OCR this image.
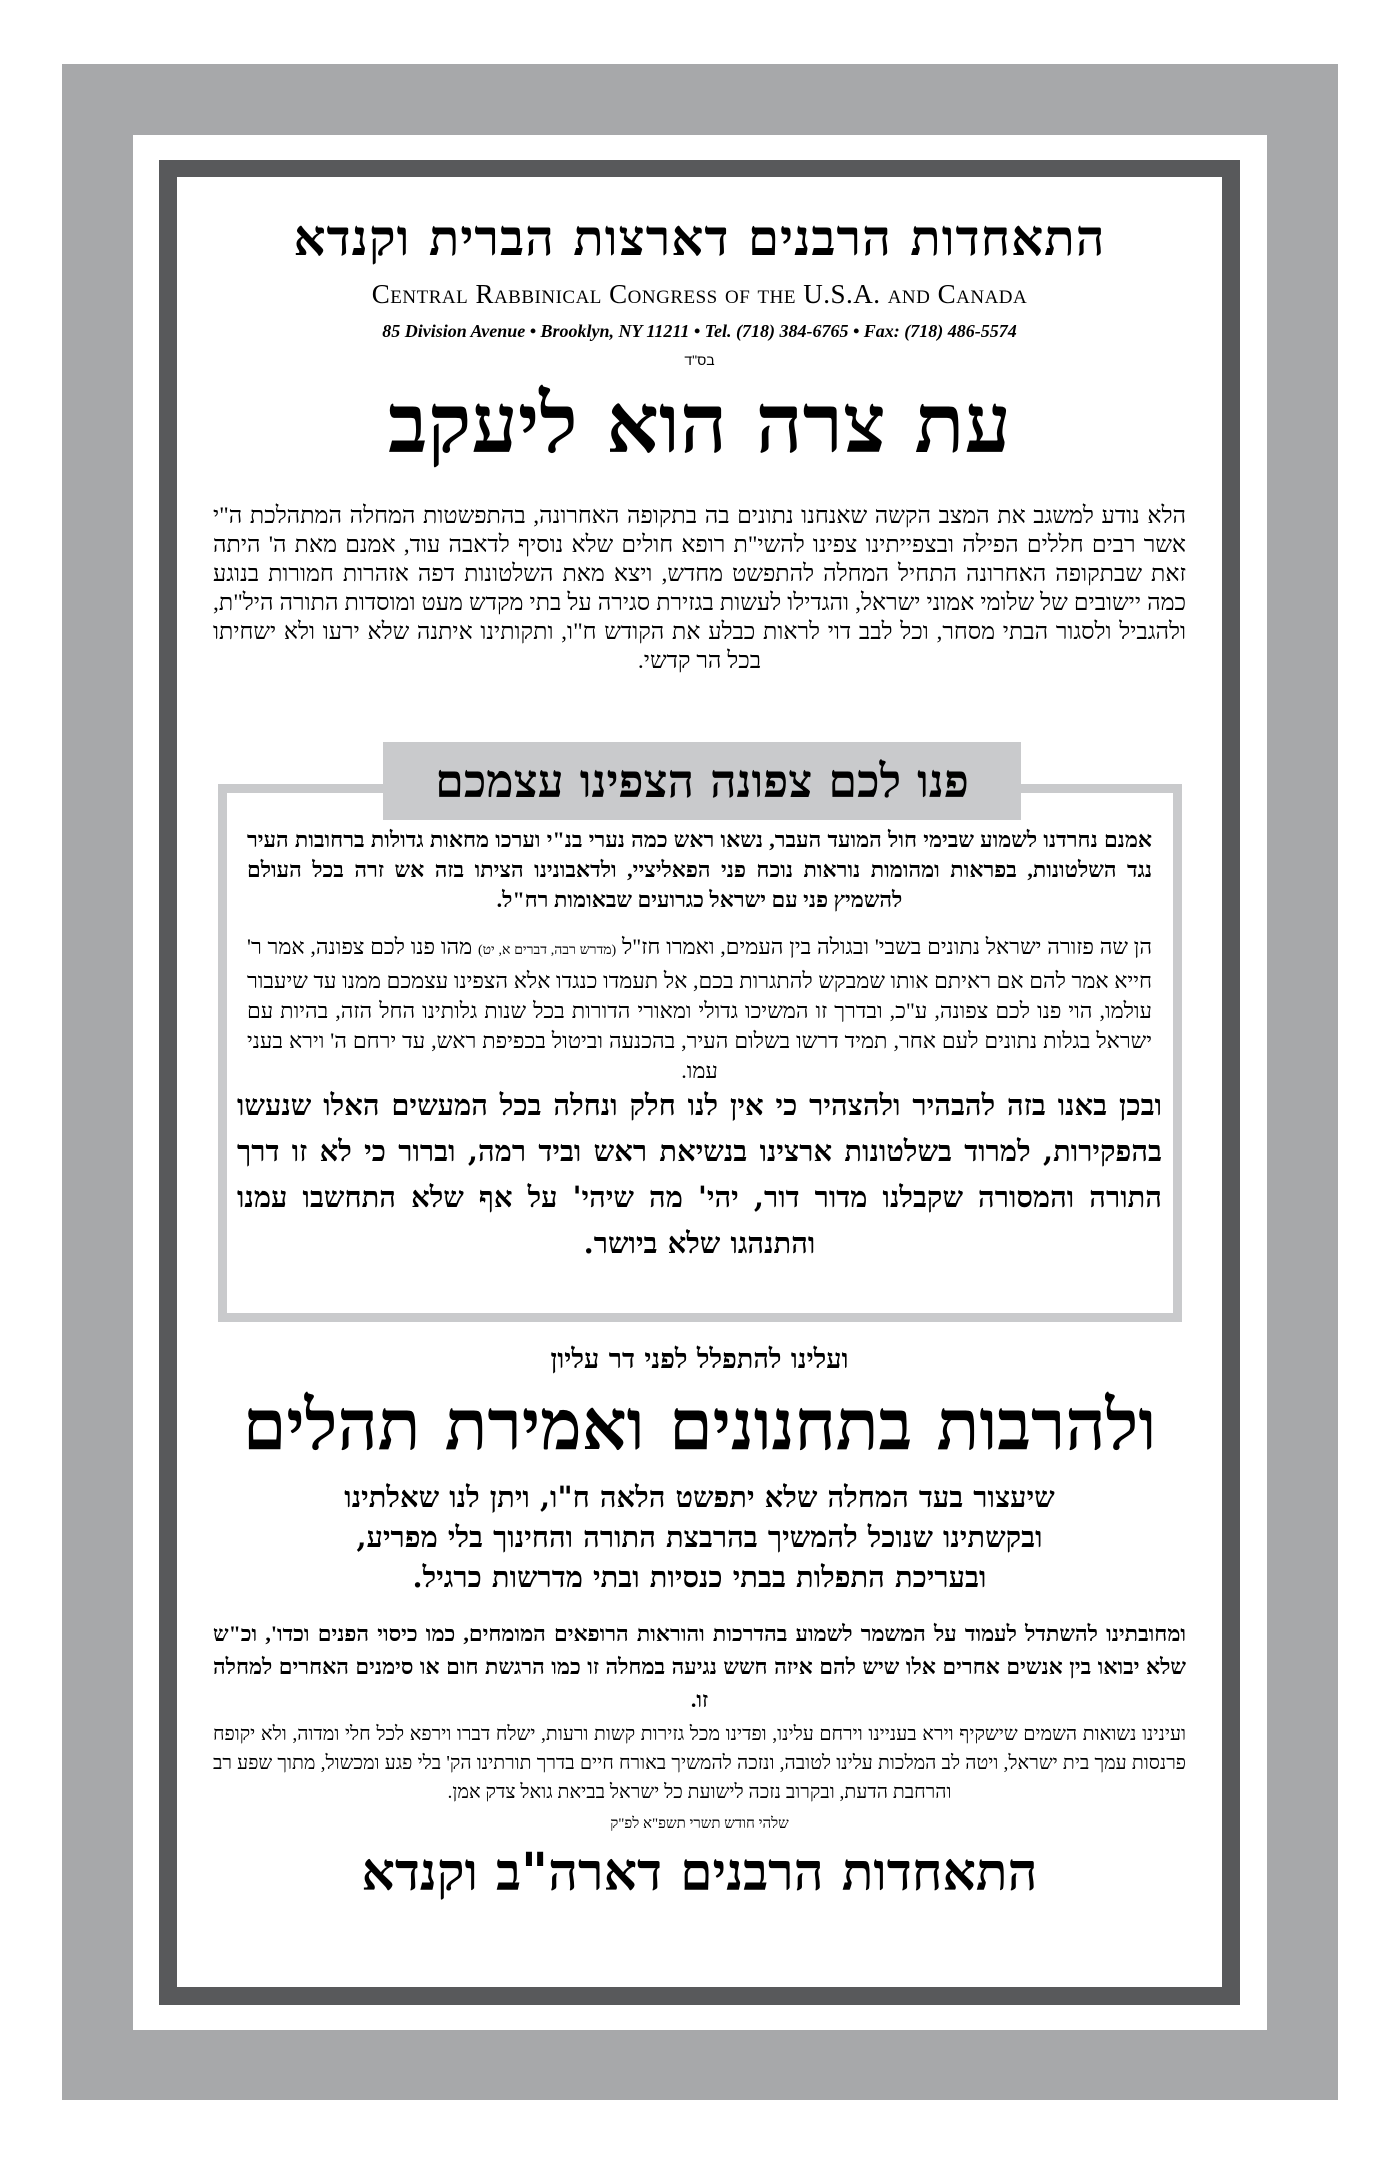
התאחדות הרבנים דארצות הברית וקנדא
Central Rabbinical Congress of the U.S.A. and Canada
85 Division Avenue • Brooklyn, NY 11211 • Tel. (718) 384-6765 • Fax: (718) 486-5574
בס"ד
עת צרה הוא ליעקב
הלא נודע למשגב את המצב הקשה שאנחנו נתונים בה בתקופה האחרונה, בהתפשטות המחלה המתהלכת ה"י אשר רבים חללים הפילה ובצפייתינו צפינו להשי"ת רופא חולים שלא נוסיף לדאבה עוד, אמנם מאת ה' היתה זאת שבתקופה האחרונה התחיל המחלה להתפשט מחדש, ויצא מאת השלטונות דפה אזהרות חמורות בנוגע כמה יישובים של שלומי אמוני ישראל, והגדילו לעשות בגזירת סגירה על בתי מקדש מעט ומוסדות התורה היל"ת, ולהגביל ולסגור הבתי מסחר, וכל לבב דוי לראות כבלע את הקודש ח"ו, ותקותינו איתנה שלא ירעו ולא ישחיתו בכל הר קדשי.
פנו לכם צפונה הצפינו עצמכם
אמנם נחרדנו לשמוע שבימי חול המועד העבר, נשאו ראש כמה נערי בנ"י וערכו מחאות גדולות ברחובות העיר נגד השלטונות, בפראות ומהומות נוראות נוכח פני הפאליציי, ולדאבונינו הציתו בזה אש זרה בכל העולם להשמיץ פני עם ישראל כגרועים שבאומות רח"ל.
הן שה פזורה ישראל נתונים בשבי' ובגולה בין העמים, ואמרו חז"ל (מדרש רבה, דברים א, יט) מהו פנו לכם צפונה, אמר ר' חייא אמר להם אם ראיתם אותו שמבקש להתגרות בכם, אל תעמדו כנגדו אלא הצפינו עצמכם ממנו עד שיעבור עולמו, הוי פנו לכם צפונה, ע"כ, ובדרך זו המשיכו גדולי ומאורי הדורות בכל שנות גלותינו החל הזה, בהיות עם ישראל בגלות נתונים לעם אחר, תמיד דרשו בשלום העיר, בהכנעה וביטול בכפיפת ראש, עד ירחם ה' וירא בעני עמו.
ובכן באנו בזה להבהיר ולהצהיר כי אין לנו חלק ונחלה בכל המעשים האלו שנעשו בהפקירות, למרוד בשלטונות ארצינו בנשיאת ראש וביד רמה, וברור כי לא זו דרך התורה והמסורה שקבלנו מדור דור, יהי' מה שיהי' על אף שלא התחשבו עמנו והתנהגו שלא ביושר.
ועלינו להתפלל לפני דר עליון
ולהרבות בתחנונים ואמירת תהלים
שיעצור בעד המחלה שלא יתפשט הלאה ח"ו, ויתן לנו שאלתינו
ובקשתינו שנוכל להמשיך בהרבצת התורה והחינוך בלי מפריע,
ובעריכת התפלות בבתי כנסיות ובתי מדרשות כרגיל.
ומחובתינו להשתדל לעמוד על המשמר לשמוע בהדרכות והוראות הרופאים המומחים, כמו כיסוי הפנים וכדו', וכ"ש שלא יבואו בין אנשים אחרים אלו שיש להם איזה חשש נגיעה במחלה זו כמו הרגשת חום או סימנים האחרים למחלה זו.
ועינינו נשואות השמים שישקיף וירא בעניינו וירחם עלינו, ופדינו מכל גזירות קשות ורעות, ישלח דברו וירפא לכל חלי ומדוה, ולא יקופח פרנסות עמך בית ישראל, ויטה לב המלכות עלינו לטובה, ונזכה להמשיך באורח חיים בדרך תורתינו הק' בלי פגע ומכשול, מתוך שפע רב והרחבת הדעת, ובקרוב נזכה לישועת כל ישראל בביאת גואל צדק אמן.
שלהי חודש תשרי תשפ"א לפ"ק
התאחדות הרבנים דארה"ב וקנדא
